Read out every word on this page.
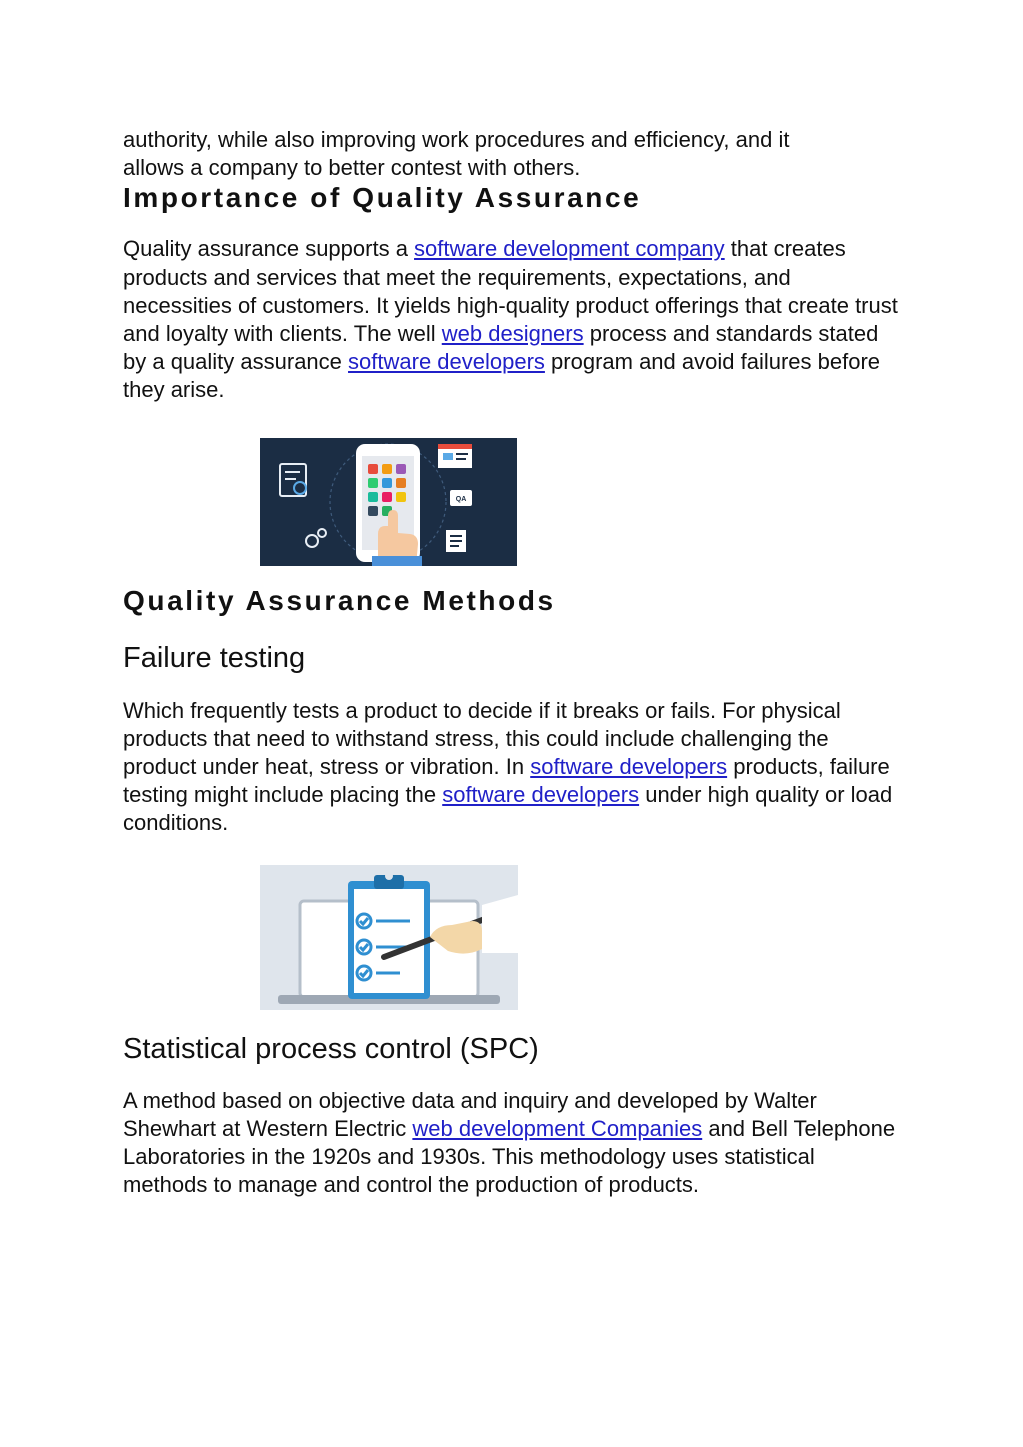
authority, while also improving work procedures and efficiency, and it
allows a company to better contest with others.

Importance of Quality Assurance

Quality assurance supports a software development company that creates products and services that meet the requirements, expectations, and necessities of customers. It yields high-quality product offerings that create trust and loyalty with clients. The well web designers process and standards stated by a quality assurance software developers program and avoid failures before they arise.

QA
Quality Assurance Methods
Failure testing

Which frequently tests a product to decide if it breaks or fails. For physical products that need to withstand stress, this could include challenging the product under heat, stress or vibration. In software developers products, failure testing might include placing the software developers under high quality or load conditions.

Statistical process control (SPC)

A method based on objective data and inquiry and developed by Walter Shewhart at Western Electric web development Companies and Bell Telephone Laboratories in the 1920s and 1930s. This methodology uses statistical methods to manage and control the production of products.
